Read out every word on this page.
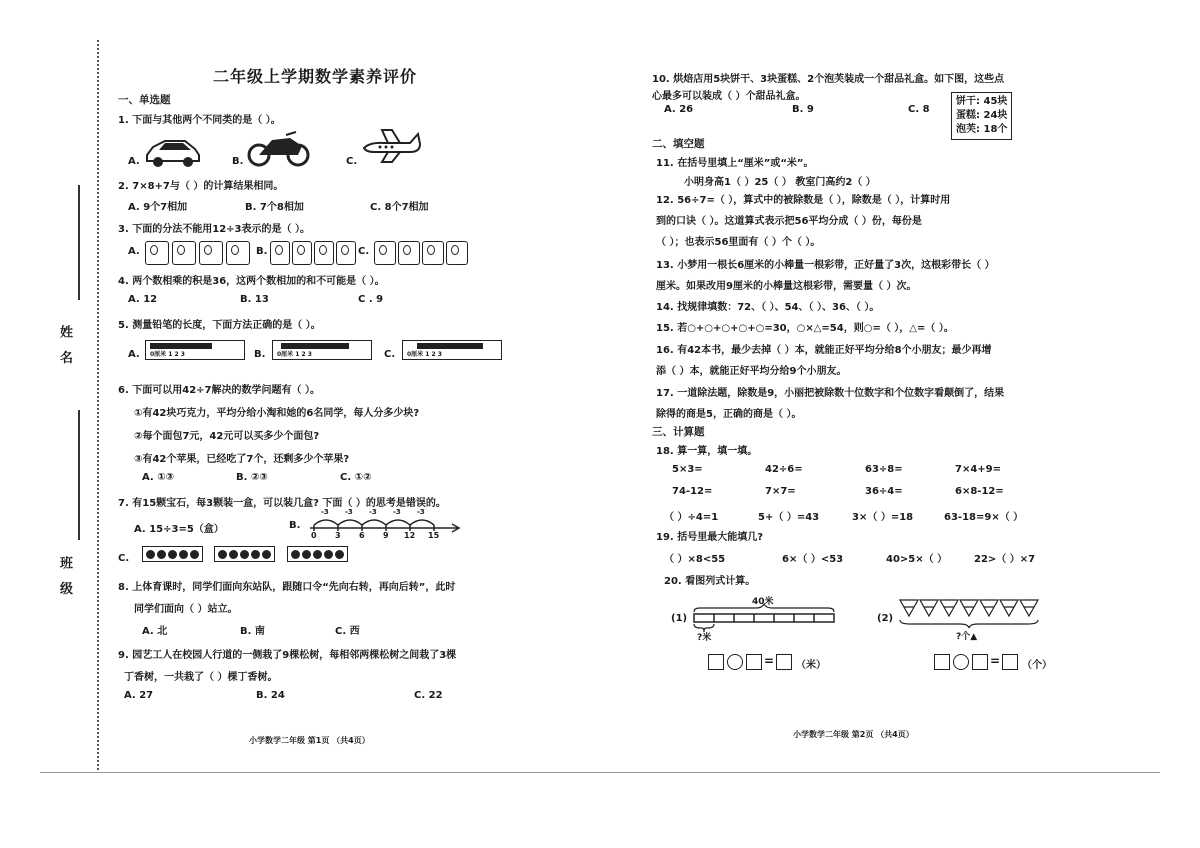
姓 名
班 级
二年级上学期数学素养评价
一、单选题
1. 下面与其他两个不同类的是（ ）。
A.	B.	C.
2. 7×8+7与（ ）的计算结果相同。
A. 9个7相加	B. 7个8相加	C. 8个7相加
3. 下面的分法不能用12÷3表示的是（ ）。
A.	B.	C.
4. 两个数相乘的积是36，这两个数相加的和不可能是（ ）。
A. 12	B. 13	C . 9
5. 测量铅笔的长度，下面方法正确的是（ ）。
A. 0厘米 1 2 3	B. 0厘米 1 2 3	C. 0厘米 1 2 3
6. 下面可以用42÷7解决的数学问题有（ ）。
①有42块巧克力，平均分给小淘和她的6名同学，每人分多少块?
②每个面包7元，42元可以买多少个面包?
③有42个苹果，已经吃了7个，还剩多少个苹果?
A. ①③	B. ②③	C. ①②
7. 有15颗宝石，每3颗装一盒，可以装几盒? 下面（ ）的思考是错误的。
A. 15÷3=5（盒）	B.
-3 -3 -3 -3 -3
0 3 6 9 12 15
C.
8. 上体育课时，同学们面向东站队，跟随口令“先向右转，再向后转”，此时
同学们面向（ ）站立。
A. 北	B. 南	C. 西
9. 园艺工人在校园人行道的一侧栽了9棵松树，每相邻两棵松树之间栽了3棵
丁香树，一共栽了（ ）棵丁香树。
A. 27	B. 24	C. 22
小学数学二年级 第1页 （共4页）
10. 烘焙店用5块饼干、3块蛋糕、2个泡芙装成一个甜品礼盒。如下图，这些点
心最多可以装成（ ）个甜品礼盒。
A. 26	B. 9	C. 8
饼干: 45块
蛋糕: 24块
泡芙: 18个
二、填空题
11. 在括号里填上“厘米”或“米”。
小明身高1（ ）25（ ） 教室门高约2（ ）
12. 56÷7=（ ），算式中的被除数是（ ），除数是（ ），计算时用
到的口诀（ ）。这道算式表示把56平均分成（ ）份，每份是
（ ）；也表示56里面有（ ）个（ ）。
13. 小梦用一根长6厘米的小棒量一根彩带，正好量了3次，这根彩带长（ ）
厘米。如果改用9厘米的小棒量这根彩带，需要量（ ）次。
14. 找规律填数：72、（ ）、54、（ ）、36、（ ）。
15. 若○+○+○+○+○=30，○×△=54，则○=（ ），△=（ ）。
16. 有42本书，最少去掉（ ）本，就能正好平均分给8个小朋友；最少再增
添（ ）本，就能正好平均分给9个小朋友。
17. 一道除法题，除数是9，小丽把被除数十位数字和个位数字看颠倒了，结果
除得的商是5，正确的商是（ ）。
三、计算题
18. 算一算，填一填。
5×3=	42÷6=	63÷8=	7×4+9=
74-12=	7×7=	36÷4=	6×8-12=
（ ）÷4=1	5+（ ）=43	3×（ ）=18	63-18=9×（ ）
19. 括号里最大能填几?
（ ）×8<55	6×（ ）<53	40>5×（ ）	22>（ ）×7
20. 看图列式计算。
(1)
40米
?米
= （米）
(2)
?个▲
= （个）
小学数学二年级 第2页 （共4页）
